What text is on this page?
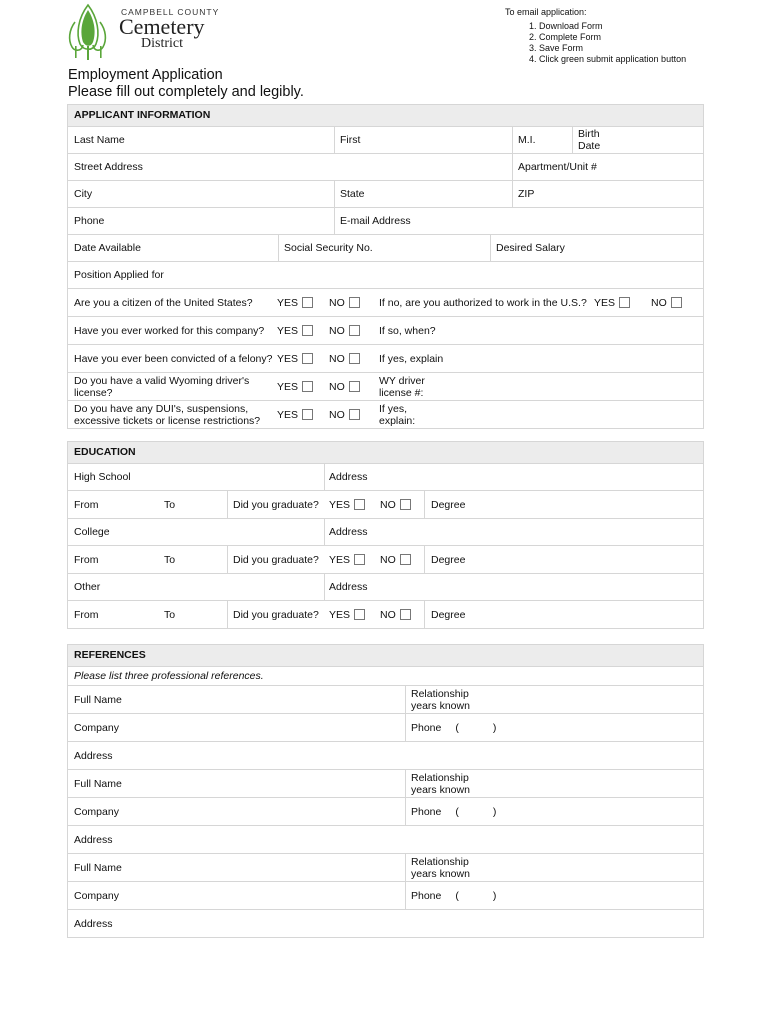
CAMPBELL COUNTY
Cemetery
District
To email application:
1. Download Form
2. Complete Form
3. Save Form
4. Click green submit application button
Employment Application
Please fill out completely and legibly.
APPLICANT INFORMATION
Last Name	First	M.I.	Birth Date
Street Address	Apartment/Unit #
City	State	ZIP
Phone	E-mail Address
Date Available	Social Security No.	Desired Salary
Position Applied for
Are you a citizen of the United States? YES	NO	If no, are you authorized to work in the U.S.? YES	NO
Have you ever worked for this company? YES	NO	If so, when?
Have you ever been convicted of a felony? YES	NO	If yes, explain
Do you have a valid Wyoming driver's license?	YES	NO	WY driver license #:
Do you have any DUI's, suspensions, excessive tickets or license restrictions?	YES	NO	If yes, explain:
EDUCATION
High School	Address
From	To	Did you graduate? YES	NO	Degree
College	Address
From	To	Did you graduate? YES	NO	Degree
Other	Address
From	To	Did you graduate? YES	NO	Degree
REFERENCES
Please list three professional references.
Full Name	Relationship years known
Company	Phone (	)
Address
Full Name	Relationship years known
Company	Phone (	)
Address
Full Name	Relationship years known
Company	Phone (	)
Address
